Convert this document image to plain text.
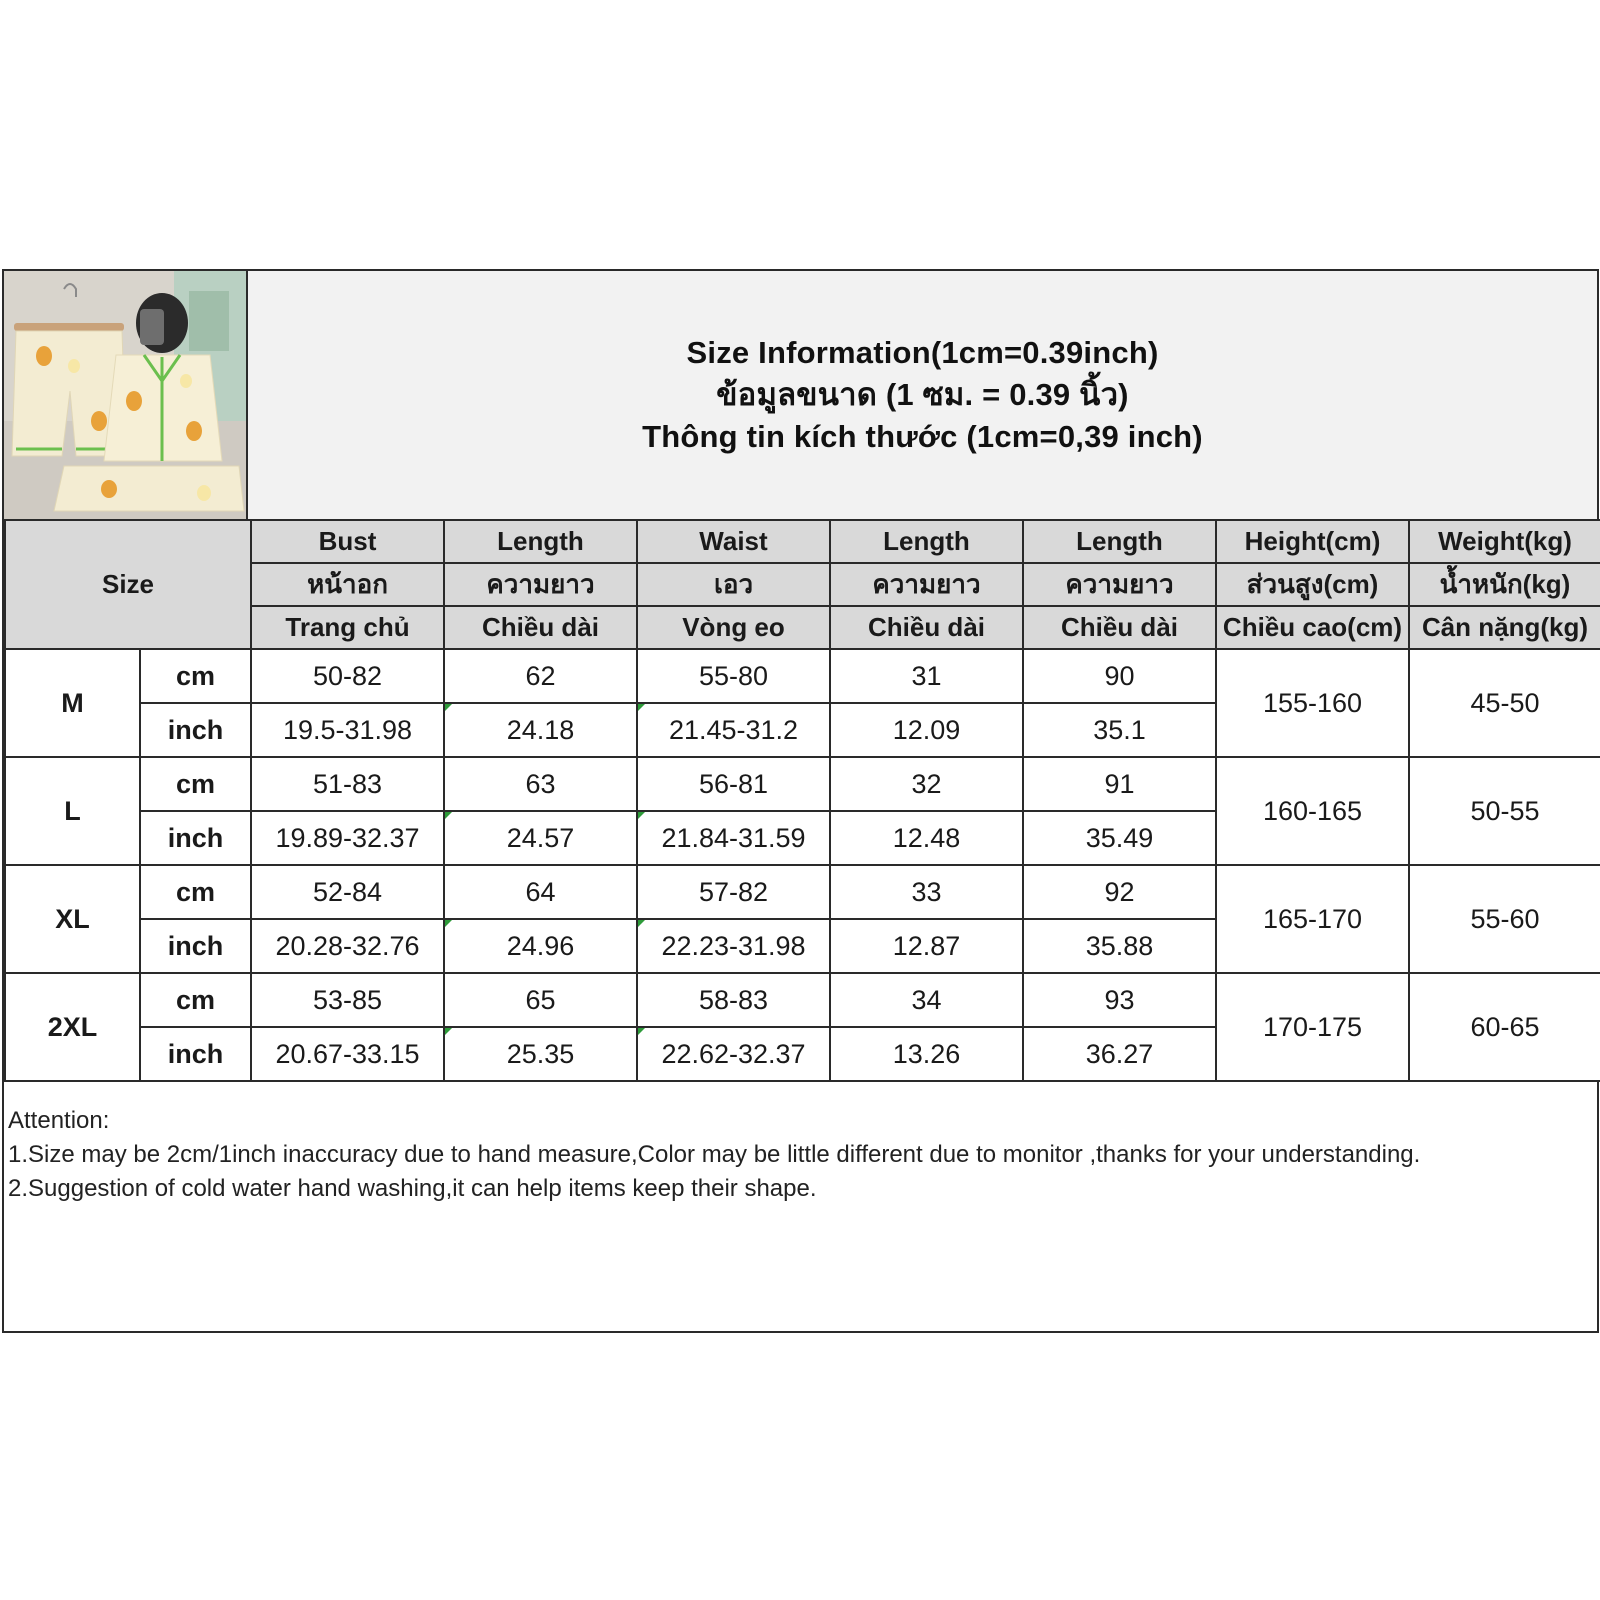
Size Information(1cm=0.39inch)
ข้อมูลขนาด (1 ซม. = 0.39 นิ้ว)
Thông tin kích thước (1cm=0,39 inch)
Size		Bust	Length	Waist	Length	Length	Height(cm)	Weight(kg)
		หน้าอก	ความยาว	เอว	ความยาว	ความยาว	ส่วนสูง(cm)	น้ำหนัก(kg)
		Trang chủ	Chiều dài	Vòng eo	Chiều dài	Chiều dài	Chiều cao(cm)	Cân nặng(kg)
M	cm	50-82	62	55-80	31	90	155-160	45-50
	inch	19.5-31.98	24.18	21.45-31.2	12.09	35.1		
L	cm	51-83	63	56-81	32	91	160-165	50-55
	inch	19.89-32.37	24.57	21.84-31.59	12.48	35.49		
XL	cm	52-84	64	57-82	33	92	165-170	55-60
	inch	20.28-32.76	24.96	22.23-31.98	12.87	35.88		
2XL	cm	53-85	65	58-83	34	93	170-175	60-65
	inch	20.67-33.15	25.35	22.62-32.37	13.26	36.27		
Attention:
1.Size may be 2cm/1inch inaccuracy due to hand measure,Color may be little different due to monitor ,thanks for your understanding.
2.Suggestion of cold water hand washing,it can help items keep their shape.
